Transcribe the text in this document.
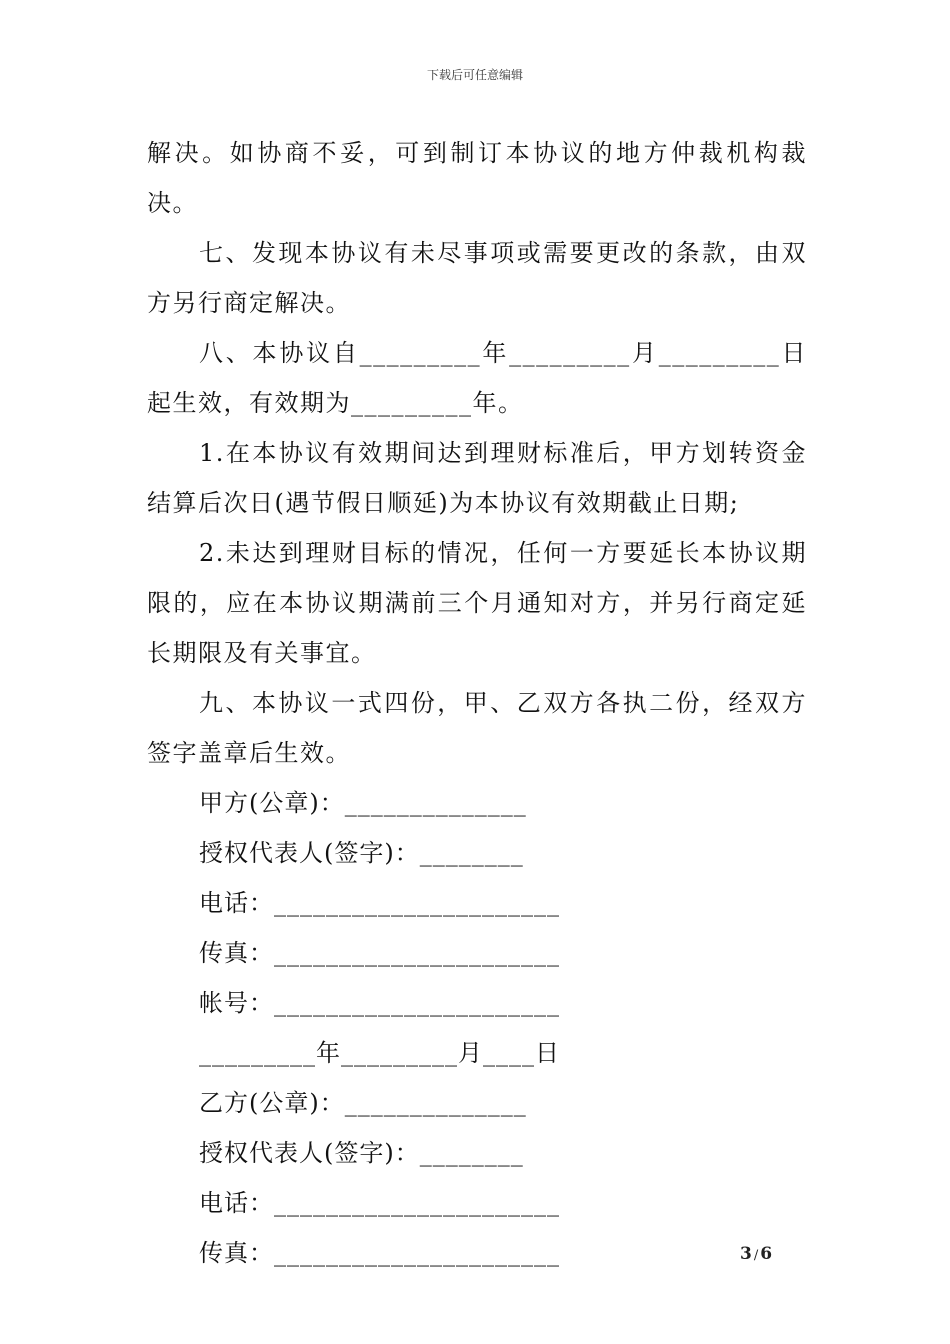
下载后可任意编辑

解决。如协商不妥，可到制订本协议的地方仲裁机构裁决。

七、发现本协议有未尽事项或需要更改的条款，由双方另行商定解决。

八、本协议自_________年_________月_________日起生效，有效期为_________年。

1.在本协议有效期间达到理财标准后，甲方划转资金结算后次日(遇节假日顺延)为本协议有效期截止日期;

2.未达到理财目标的情况，任何一方要延长本协议期限的，应在本协议期满前三个月通知对方，并另行商定延长期限及有关事宜。

九、本协议一式四份，甲、乙双方各执二份，经双方签字盖章后生效。

甲方(公章)：______________

授权代表人(签字)：________

电话：______________________

传真：______________________

帐号：______________________

_________年_________月____日

乙方(公章)：______________

授权代表人(签字)：________

电话：______________________

传真：______________________	3 / 6
